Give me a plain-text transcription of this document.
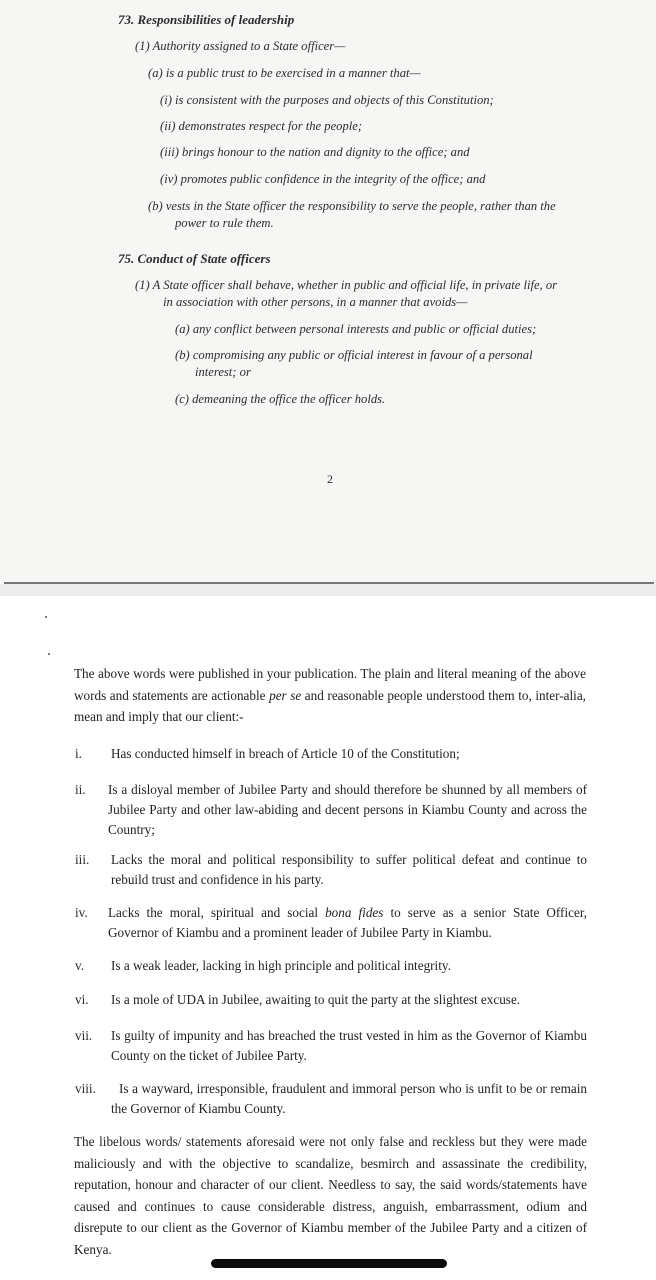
73. Responsibilities of leadership
(1) Authority assigned to a State officer—
(a) is a public trust to be exercised in a manner that—
(i) is consistent with the purposes and objects of this Constitution;
(ii) demonstrates respect for the people;
(iii) brings honour to the nation and dignity to the office; and
(iv) promotes public confidence in the integrity of the office; and
(b) vests in the State officer the responsibility to serve the people, rather than the
power to rule them.
75. Conduct of State officers
(1) A State officer shall behave, whether in public and official life, in private life, or
in association with other persons, in a manner that avoids—
(a) any conflict between personal interests and public or official duties;
(b) compromising any public or official interest in favour of a personal
interest; or
(c) demeaning the office the officer holds.
2
The above words were published in your publication. The plain and literal meaning of the above words and statements are actionable per se and reasonable people understood them to, inter-alia, mean and imply that our client:-
i. Has conducted himself in breach of Article 10 of the Constitution;
ii. Is a disloyal member of Jubilee Party and should therefore be shunned by all members of Jubilee Party and other law-abiding and decent persons in Kiambu County and across the Country;
iii. Lacks the moral and political responsibility to suffer political defeat and continue to rebuild trust and confidence in his party.
iv. Lacks the moral, spiritual and social bona fides to serve as a senior State Officer, Governor of Kiambu and a prominent leader of Jubilee Party in Kiambu.
v. Is a weak leader, lacking in high principle and political integrity.
vi. Is a mole of UDA in Jubilee, awaiting to quit the party at the slightest excuse.
vii. Is guilty of impunity and has breached the trust vested in him as the Governor of Kiambu County on the ticket of Jubilee Party.
viii.	Is a wayward, irresponsible, fraudulent and immoral person who is unfit to be or remain the Governor of Kiambu County.
The libelous words/ statements aforesaid were not only false and reckless but they were made maliciously and with the objective to scandalize, besmirch and assassinate the credibility, reputation, honour and character of our client. Needless to say, the said words/statements have caused and continues to cause considerable distress, anguish, embarrassment, odium and disrepute to our client as the Governor of Kiambu member of the Jubilee Party and a citizen of Kenya.
